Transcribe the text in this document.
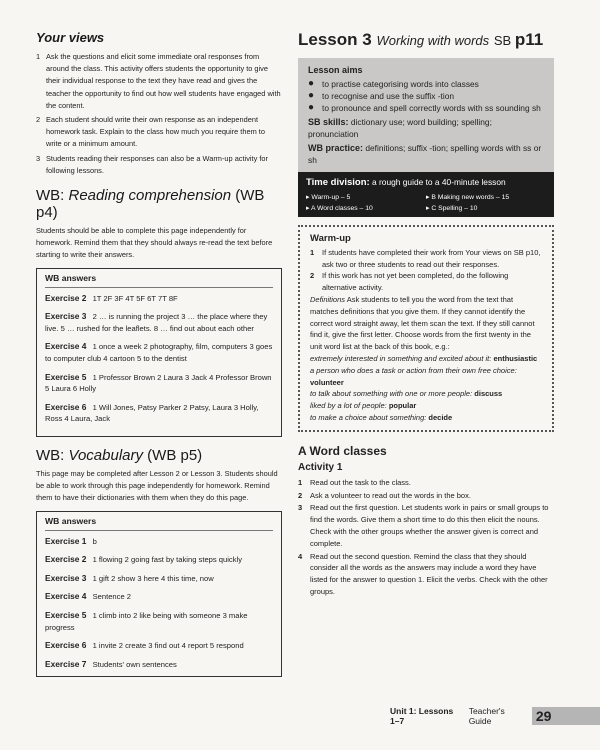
Your views
1 Ask the questions and elicit some immediate oral responses from around the class. This activity offers students the opportunity to give their individual response to the text they have read and gives the teacher the opportunity to find out how well students have engaged with the content.
2 Each student should write their own response as an independent homework task. Explain to the class how much you require them to write or a minimum amount.
3 Students reading their responses can also be a Warm-up activity for following lessons.
WB: Reading comprehension (WB p4)

Students should be able to complete this page independently for homework. Remind them that they should always re-read the text before starting to write their answers.

WB answers
Exercise 2 1T 2F 3F 4T 5F 6T 7T 8F
Exercise 3 2 … is running the project 3 … the place where they live. 5 … rushed for the leaflets. 8 … find out about each other
Exercise 4 1 once a week 2 photography, film, computers 3 goes to computer club 4 cartoon 5 to the dentist
Exercise 5 1 Professor Brown 2 Laura 3 Jack 4 Professor Brown 5 Laura 6 Holly
Exercise 6 1 Will Jones, Patsy Parker 2 Patsy, Laura 3 Holly, Ross 4 Laura, Jack
WB: Vocabulary (WB p5)

This page may be completed after Lesson 2 or Lesson 3. Students should be able to work through this page independently for homework. Remind them to have their dictionaries with them when they do this page.

WB answers
Exercise 1 b
Exercise 2 1 flowing 2 going fast by taking steps quickly
Exercise 3 1 gift 2 show 3 here 4 this time, now
Exercise 4 Sentence 2
Exercise 5 1 climb into 2 like being with someone 3 make progress
Exercise 6 1 invite 2 create 3 find out 4 report 5 respond
Exercise 7 Students' own sentences
Lesson 3 Working with words SB p11
Lesson aims
● to practise categorising words into classes
● to recognise and use the suffix -tion
● to pronounce and spell correctly words with ss sounding sh
SB skills: dictionary use; word building; spelling; pronunciation
WB practice: definitions; suffix -tion; spelling words with ss or sh
Time division: a rough guide to a 40-minute lesson
▸ Warm-up – 5	▸ B Making new words – 15
▸ A Word classes – 10	▸ C Spelling – 10
Warm-up
1	If students have completed their work from Your views on SB p10, ask two or three students to read out their responses.
2	If this work has not yet been completed, do the following alternative activity.
Definitions Ask students to tell you the word from the text that matches definitions that you give them. If they cannot identify the correct word straight away, let them scan the text. If they still cannot find it, give the first letter. Choose words from the first twenty in the unit word list at the back of this book, e.g.:
extremely interested in something and excited about it: enthusiastic
a person who does a task or action from their own free choice: volunteer
to talk about something with one or more people: discuss
liked by a lot of people: popular
to make a choice about something: decide
A Word classes
Activity 1
1	Read out the task to the class.
2	Ask a volunteer to read out the words in the box.
3	Read out the first question. Let students work in pairs or small groups to find the words. Give them a short time to do this then elicit the nouns. Check with the other groups whether the answer given is correct and complete.
4	Read out the second question. Remind the class that they should consider all the words as the answers may include a word they have listed for the answer to question 1. Elicit the verbs. Check with the other groups.
Unit 1: Lessons 1–7
Teacher's Guide	29
